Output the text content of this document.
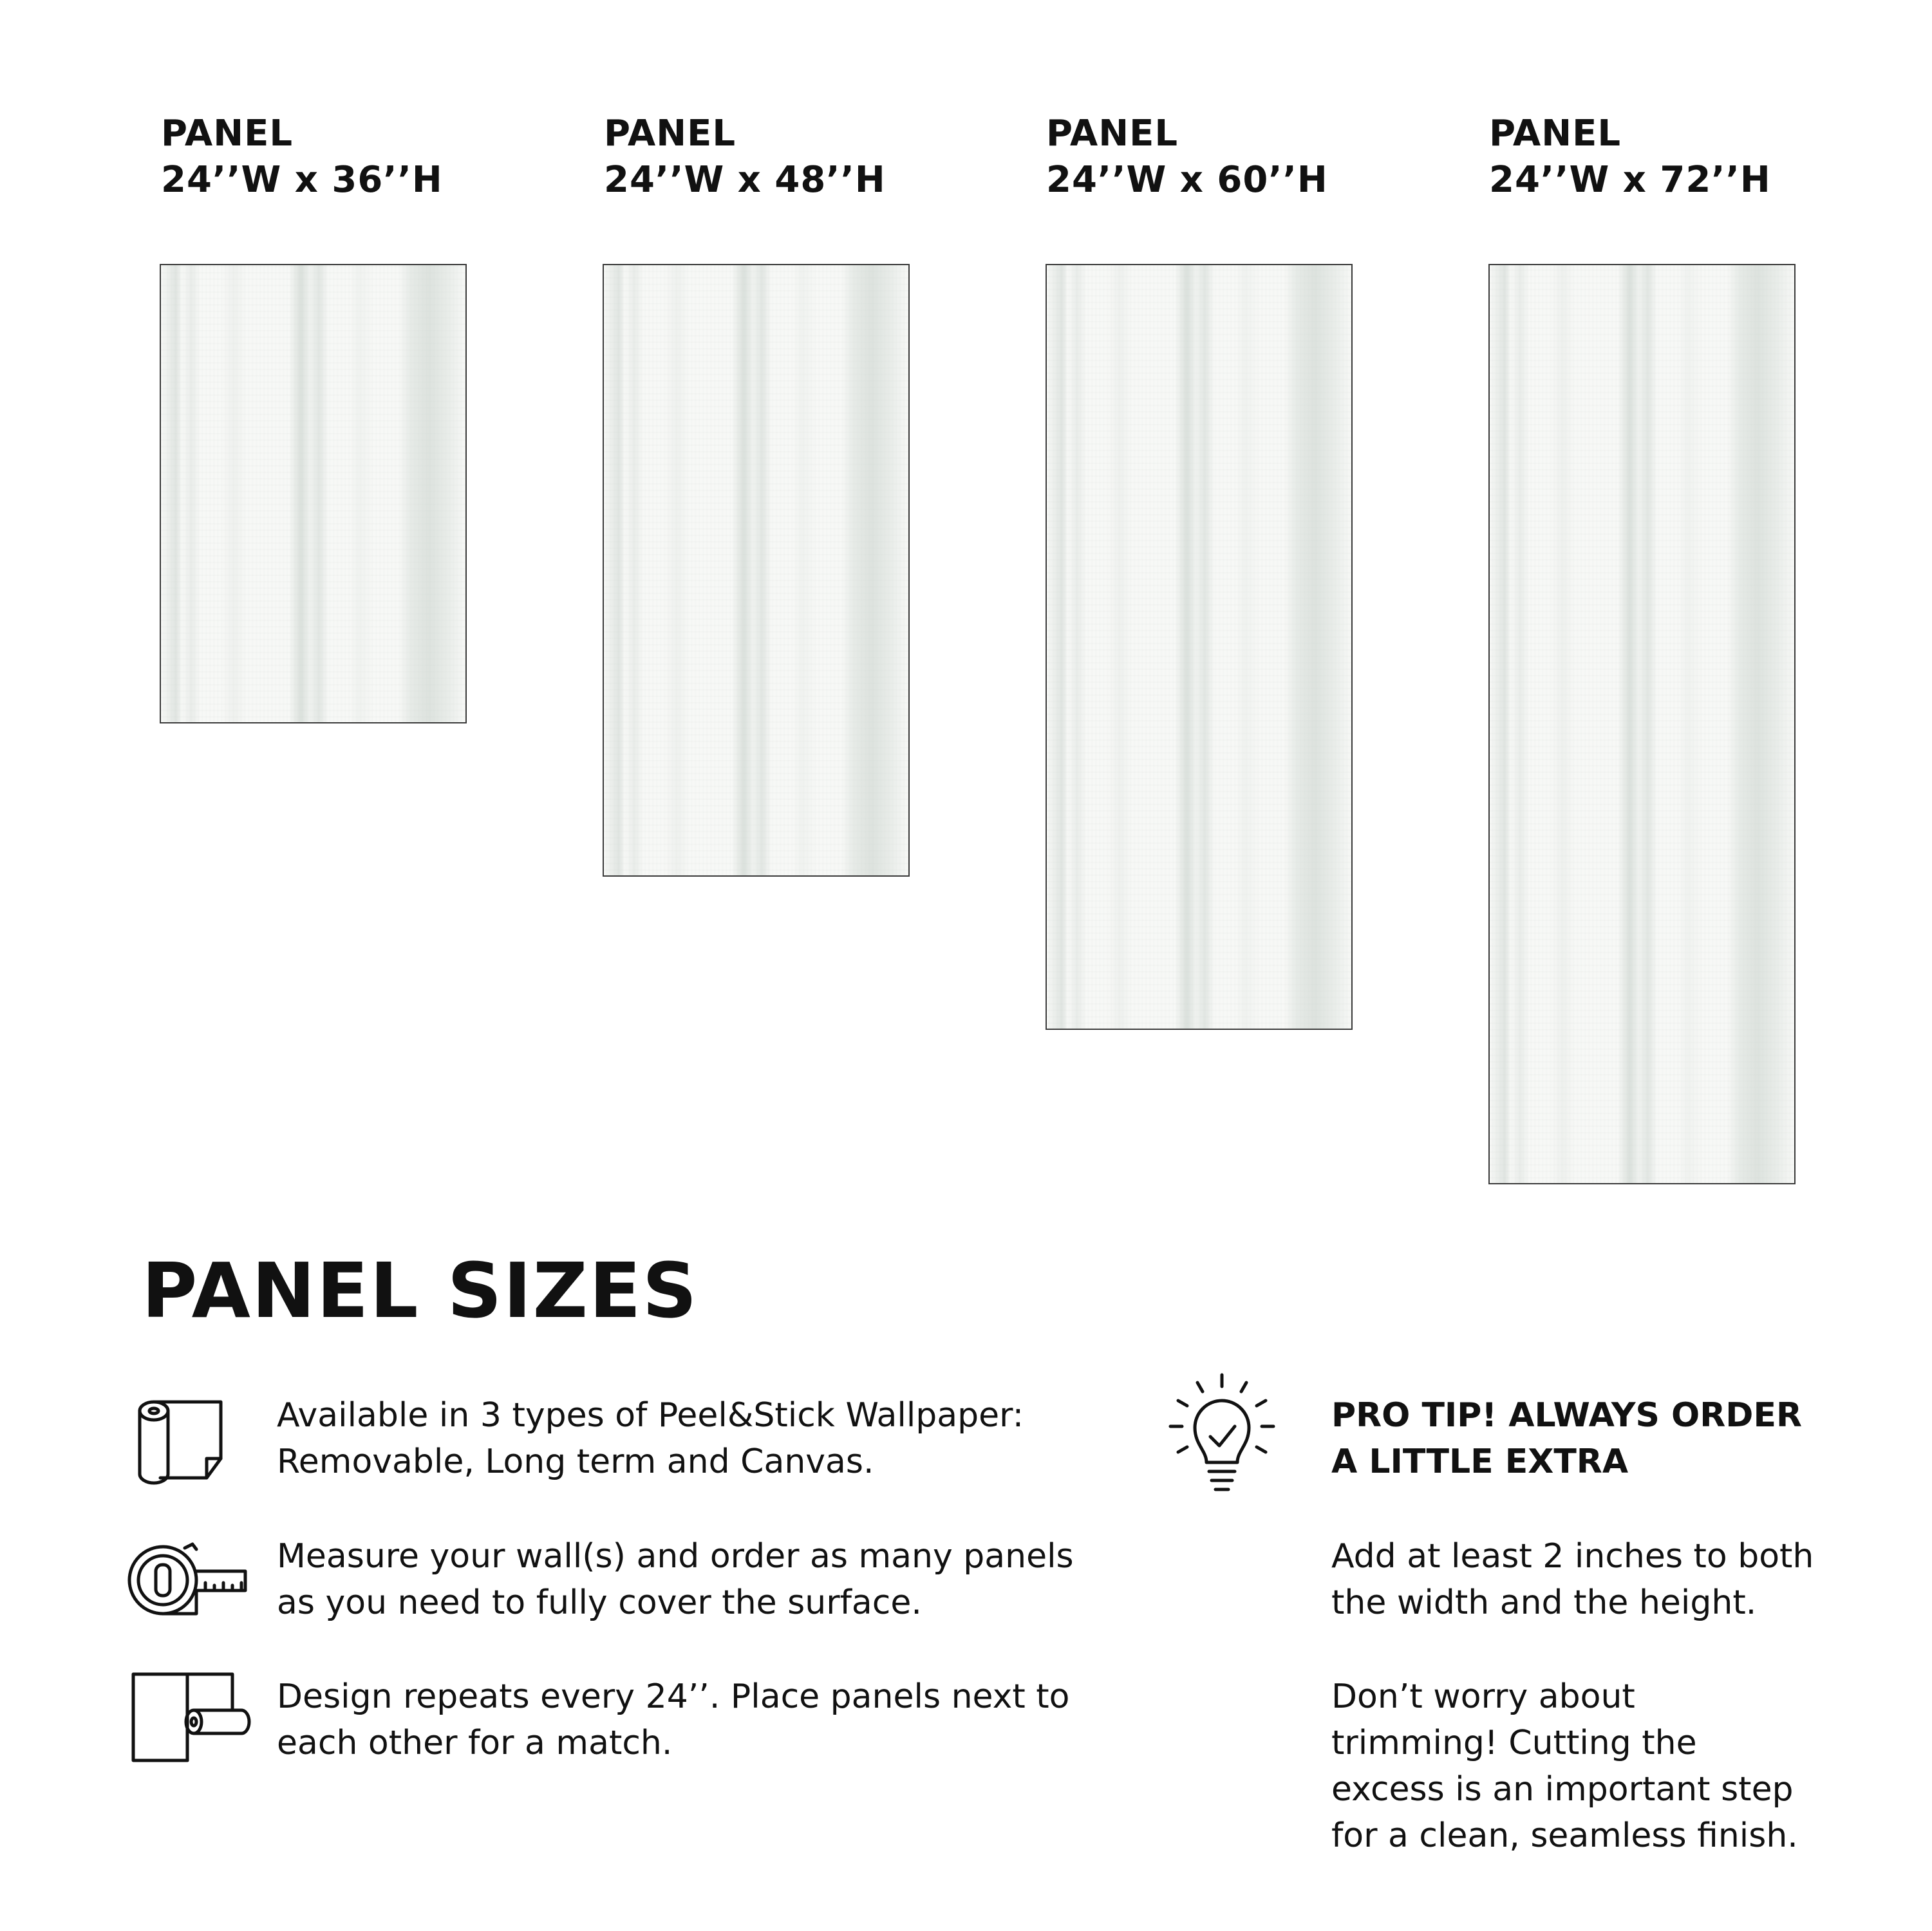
PANEL
24’’W x 36’’H
PANEL
24’’W x 48’’H
PANEL
24’’W x 60’’H
PANEL
24’’W x 72’’H
PANEL SIZES
Available in 3 types of Peel&Stick Wallpaper:
Removable, Long term and Canvas.
Measure your wall(s) and order as many panels
as you need to fully cover the surface.
Design repeats every 24’’. Place panels next to
each other for a match.
PRO TIP! ALWAYS ORDER
A LITTLE EXTRA
Add at least 2 inches to both
the width and the height.
Don’t worry about
trimming! Cutting the
excess is an important step
for a clean, seamless finish.
